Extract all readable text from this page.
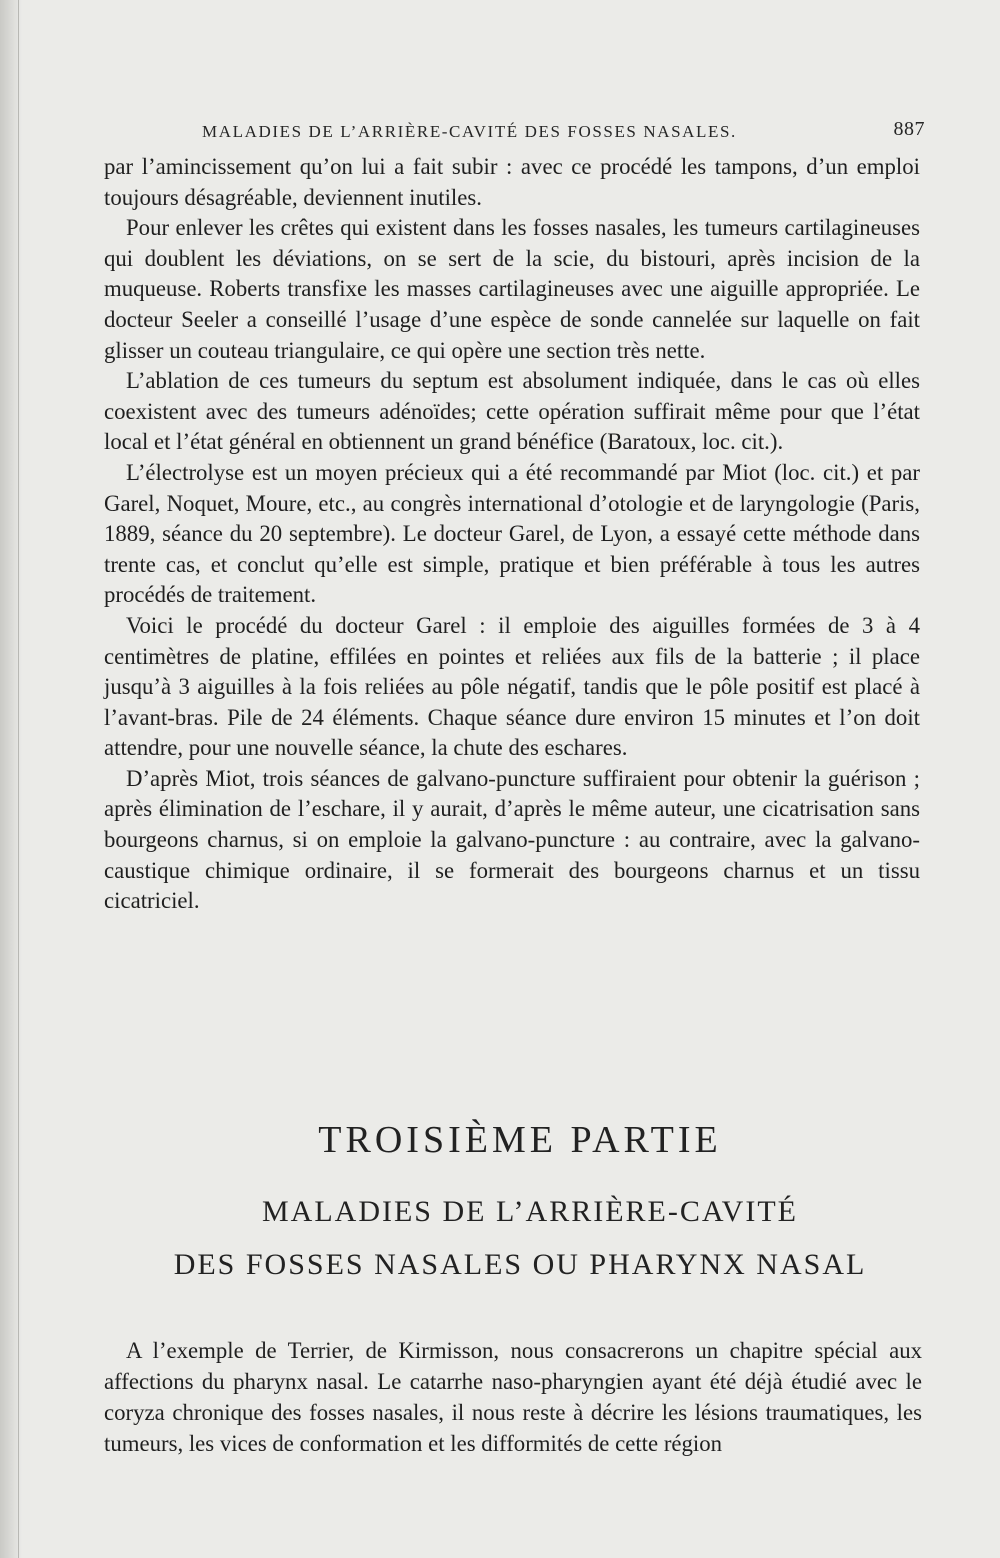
MALADIES DE L’ARRIÈRE-CAVITÉ DES FOSSES NASALES.	887

par l’amincissement qu’on lui a fait subir : avec ce procédé les tampons, d’un emploi toujours désagréable, deviennent inutiles.

Pour enlever les crêtes qui existent dans les fosses nasales, les tumeurs cartilagineuses qui doublent les déviations, on se sert de la scie, du bistouri, après incision de la muqueuse. Roberts transfixe les masses cartilagineuses avec une aiguille appropriée. Le docteur Seeler a conseillé l’usage d’une espèce de sonde cannelée sur laquelle on fait glisser un couteau triangulaire, ce qui opère une section très nette.

L’ablation de ces tumeurs du septum est absolument indiquée, dans le cas où elles coexistent avec des tumeurs adénoïdes; cette opération suffirait même pour que l’état local et l’état général en obtiennent un grand bénéfice (Baratoux, loc. cit.).

L’électrolyse est un moyen précieux qui a été recommandé par Miot (loc. cit.) et par Garel, Noquet, Moure, etc., au congrès international d’otologie et de laryngologie (Paris, 1889, séance du 20 septembre). Le docteur Garel, de Lyon, a essayé cette méthode dans trente cas, et conclut qu’elle est simple, pratique et bien préférable à tous les autres procédés de traitement.

Voici le procédé du docteur Garel : il emploie des aiguilles formées de 3 à 4 centimètres de platine, effilées en pointes et reliées aux fils de la batterie ; il place jusqu’à 3 aiguilles à la fois reliées au pôle négatif, tandis que le pôle positif est placé à l’avant-bras. Pile de 24 éléments. Chaque séance dure environ 15 minutes et l’on doit attendre, pour une nouvelle séance, la chute des eschares.

D’après Miot, trois séances de galvano-puncture suffiraient pour obtenir la guérison ; après élimination de l’eschare, il y aurait, d’après le même auteur, une cicatrisation sans bourgeons charnus, si on emploie la galvano-puncture : au contraire, avec la galvano-caustique chimique ordinaire, il se formerait des bourgeons charnus et un tissu cicatriciel.

TROISIÈME PARTIE
MALADIES DE L’ARRIÈRE-CAVITÉ
DES FOSSES NASALES OU PHARYNX NASAL

A l’exemple de Terrier, de Kirmisson, nous consacrerons un chapitre spécial aux affections du pharynx nasal. Le catarrhe naso-pharyngien ayant été déjà étudié avec le coryza chronique des fosses nasales, il nous reste à décrire les lésions traumatiques, les tumeurs, les vices de conformation et les difformités de cette région
